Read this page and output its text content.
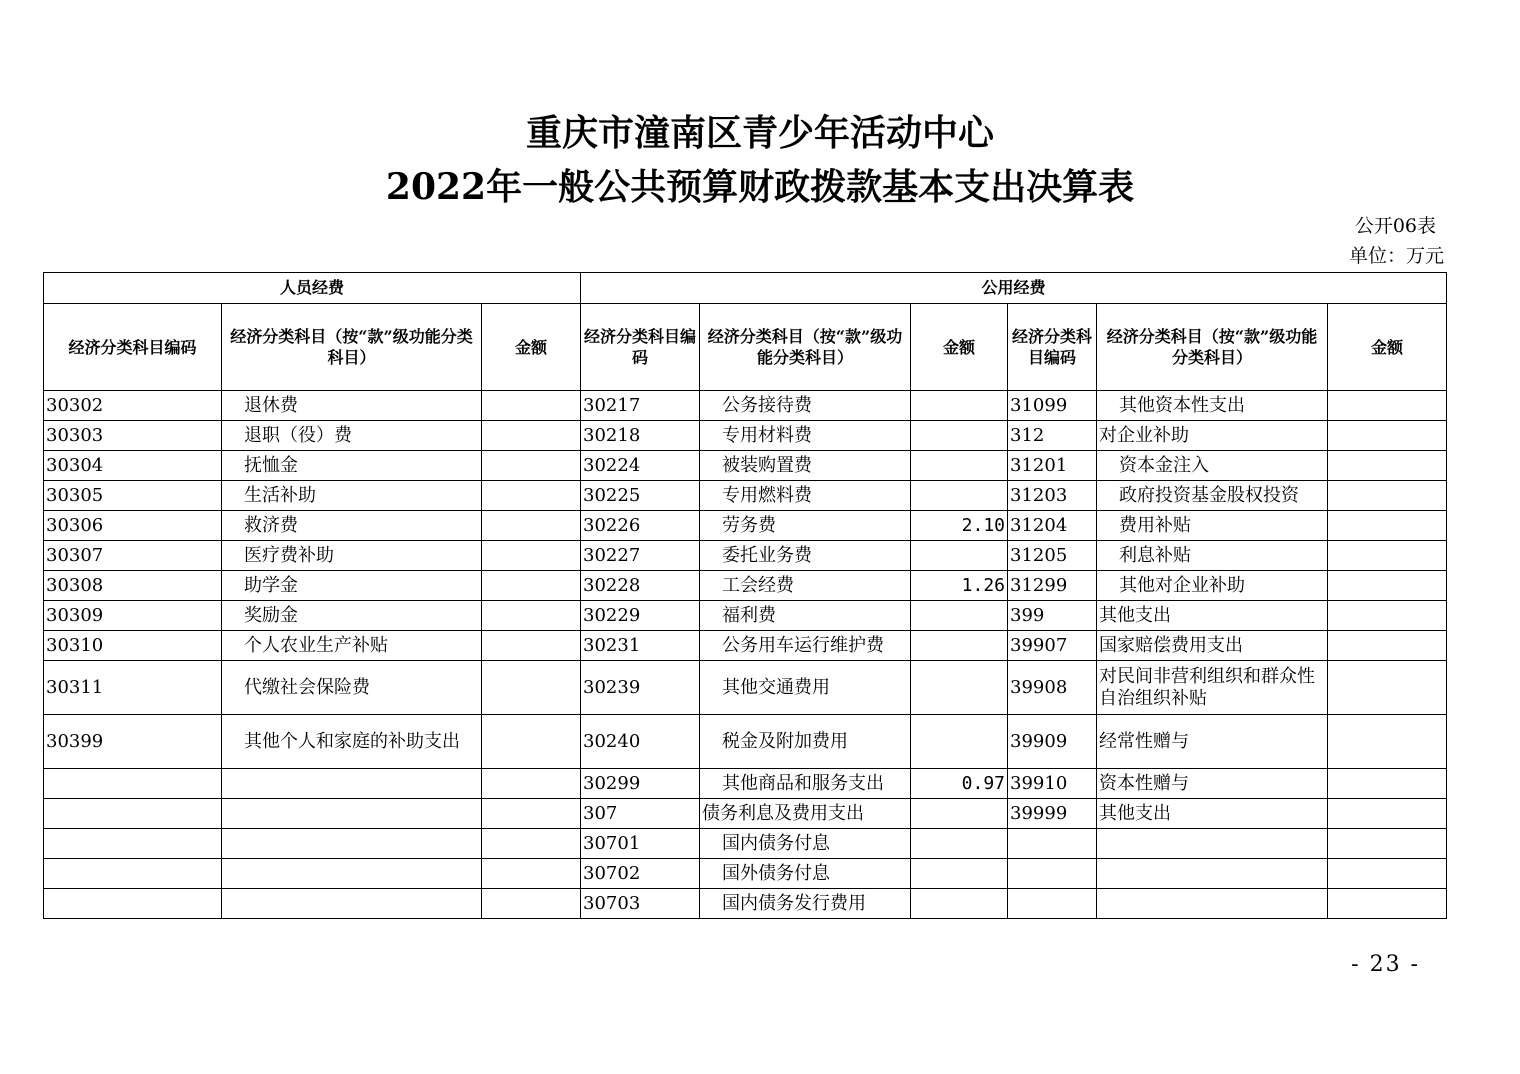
重庆市潼南区青少年活动中心
2022年一般公共预算财政拨款基本支出决算表
公开06表
单位：万元
人员经费			公用经费					
经济分类科目编码	经济分类科目（按“款”级功能分类科目）	金额	经济分类科目编码	经济分类科目（按“款”级功能分类科目）	金额	经济分类科目编码	经济分类科目（按“款”级功能分类科目）	金额
30302	退休费		30217	公务接待费		31099	其他资本性支出	
30303	退职（役）费		30218	专用材料费		312	对企业补助	
30304	抚恤金		30224	被装购置费		31201	资本金注入	
30305	生活补助		30225	专用燃料费		31203	政府投资基金股权投资	
30306	救济费		30226	劳务费	2.10	31204	费用补贴	
30307	医疗费补助		30227	委托业务费		31205	利息补贴	
30308	助学金		30228	工会经费	1.26	31299	其他对企业补助	
30309	奖励金		30229	福利费		399	其他支出	
30310	个人农业生产补贴		30231	公务用车运行维护费		39907	国家赔偿费用支出	
30311	代缴社会保险费		30239	其他交通费用		39908	对民间非营利组织和群众性自治组织补贴	
30399	其他个人和家庭的补助支出		30240	税金及附加费用		39909	经常性赠与	
			30299	其他商品和服务支出	0.97	39910	资本性赠与	
			307	债务利息及费用支出		39999	其他支出	
			30701	国内债务付息				
			30702	国外债务付息				
			30703	国内债务发行费用				
- 23 -
